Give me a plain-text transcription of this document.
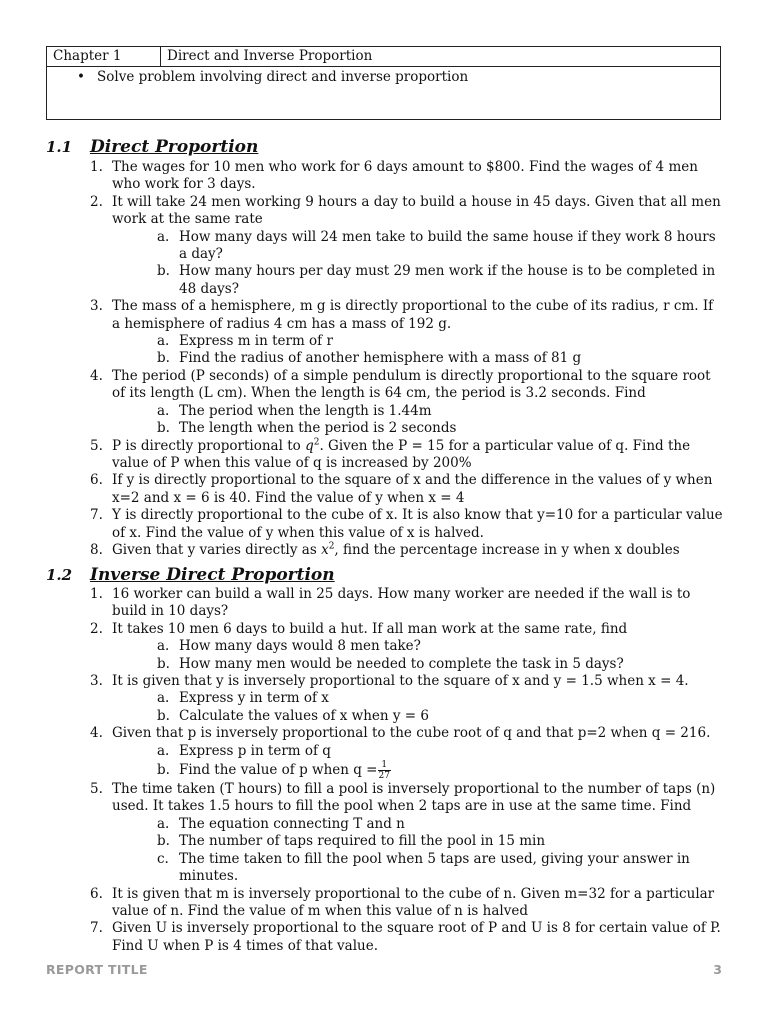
Chapter 1	Direct and Inverse Proportion
• Solve problem involving direct and inverse proportion
1.1 Direct Proportion
1. The wages for 10 men who work for 6 days amount to $800. Find the wages of 4 men who work for 3 days.
2. It will take 24 men working 9 hours a day to build a house in 45 days. Given that all men work at the same rate
a. How many days will 24 men take to build the same house if they work 8 hours a day?
b. How many hours per day must 29 men work if the house is to be completed in 48 days?
3. The mass of a hemisphere, m g is directly proportional to the cube of its radius, r cm. If a hemisphere of radius 4 cm has a mass of 192 g.
a. Express m in term of r
b. Find the radius of another hemisphere with a mass of 81 g
4. The period (P seconds) of a simple pendulum is directly proportional to the square root of its length (L cm). When the length is 64 cm, the period is 3.2 seconds. Find
a. The period when the length is 1.44m
b. The length when the period is 2 seconds
5. P is directly proportional to $q^2$. Given the P = 15 for a particular value of q. Find the value of P when this value of q is increased by 200%
6. If y is directly proportional to the square of x and the difference in the values of y when x=2 and x = 6 is 40. Find the value of y when x = 4
7. Y is directly proportional to the cube of x. It is also know that y=10 for a particular value of x. Find the value of y when this value of x is halved.
8. Given that y varies directly as $x^2$, find the percentage increase in y when x doubles
1.2 Inverse Direct Proportion
1. 16 worker can build a wall in 25 days. How many worker are needed if the wall is to build in 10 days?
2. It takes 10 men 6 days to build a hut. If all man work at the same rate, find
a. How many days would 8 men take?
b. How many men would be needed to complete the task in 5 days?
3. It is given that y is inversely proportional to the square of x and y = 1.5 when x = 4.
a. Express y in term of x
b. Calculate the values of x when y = 6
4. Given that p is inversely proportional to the cube root of q and that p=2 when q = 216.
a. Express p in term of q
b. Find the value of p when $q = \frac{1}{27}$
5. The time taken (T hours) to fill a pool is inversely proportional to the number of taps (n) used. It takes 1.5 hours to fill the pool when 2 taps are in use at the same time. Find
a. The equation connecting T and n
b. The number of taps required to fill the pool in 15 min
c. The time taken to fill the pool when 5 taps are used, giving your answer in minutes.
6. It is given that m is inversely proportional to the cube of n. Given m=32 for a particular value of n. Find the value of m when this value of n is halved
7. Given U is inversely proportional to the square root of P and U is 8 for certain value of P. Find U when P is 4 times of that value.
REPORT TITLE	3
